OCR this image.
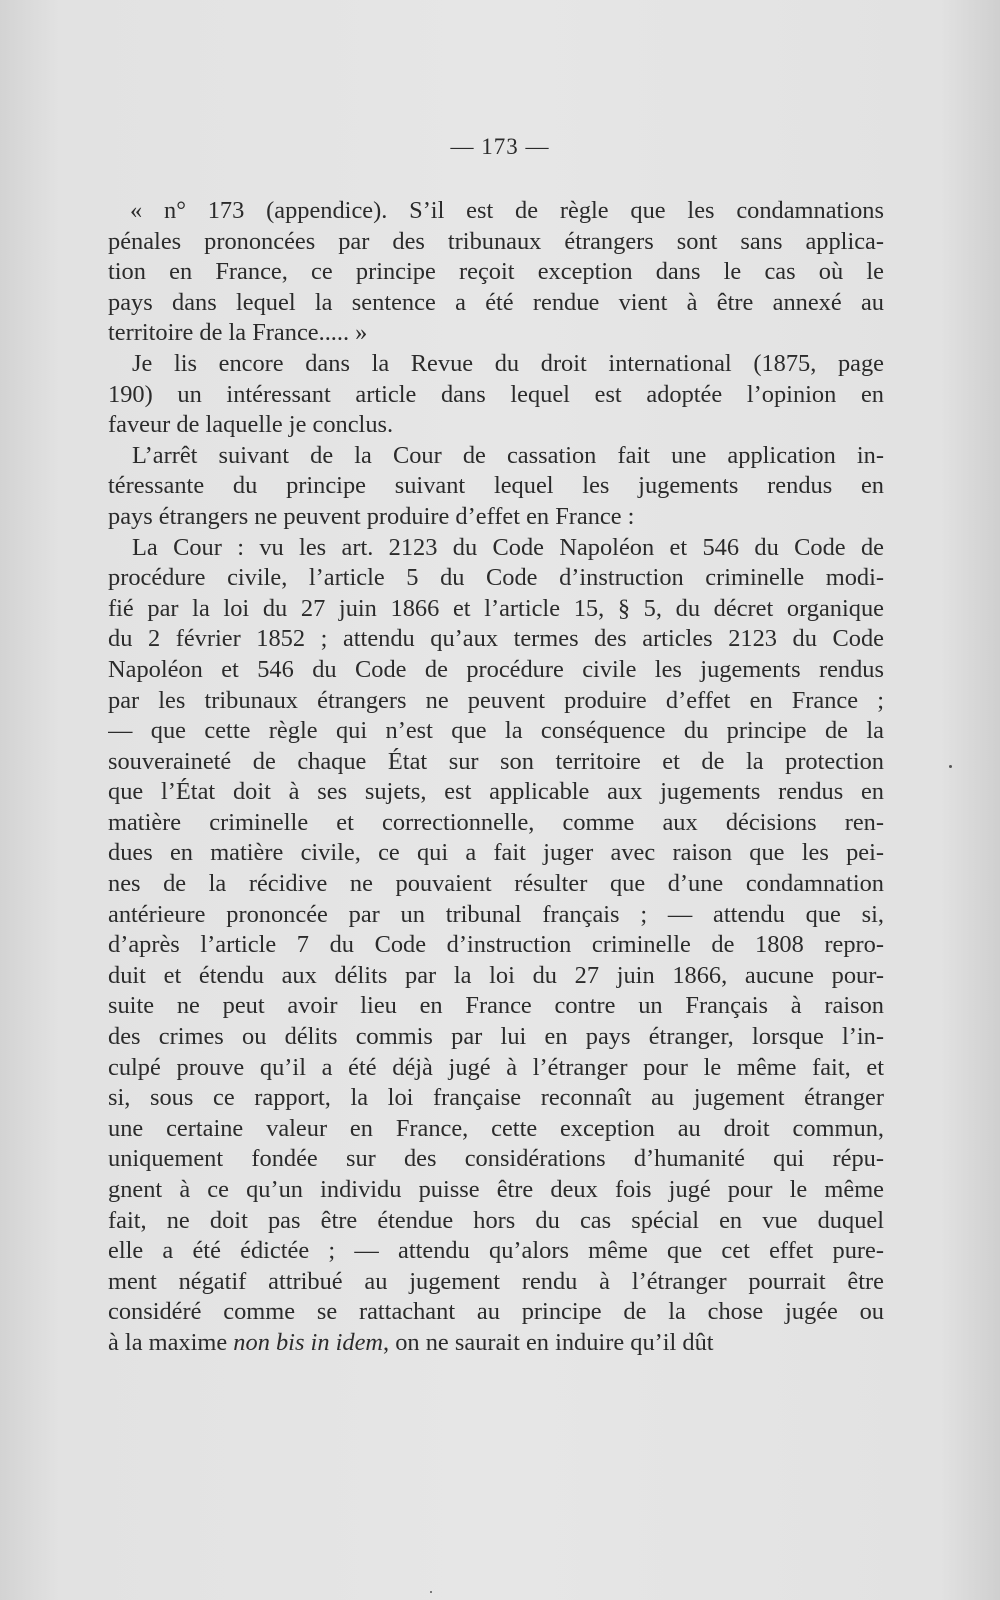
— 173 —
« n° 173 (appendice). S’il est de règle que les condamnations
pénales prononcées par des tribunaux étrangers sont sans applica-
tion en France, ce principe reçoit exception dans le cas où le
pays dans lequel la sentence a été rendue vient à être annexé au
territoire de la France..... »
Je lis encore dans la Revue du droit international (1875, page
190) un intéressant article dans lequel est adoptée l’opinion en
faveur de laquelle je conclus.
L’arrêt suivant de la Cour de cassation fait une application in-
téressante du principe suivant lequel les jugements rendus en
pays étrangers ne peuvent produire d’effet en France :
La Cour : vu les art. 2123 du Code Napoléon et 546 du Code de
procédure civile, l’article 5 du Code d’instruction criminelle modi-
fié par la loi du 27 juin 1866 et l’article 15, § 5, du décret organique
du 2 février 1852 ; attendu qu’aux termes des articles 2123 du Code
Napoléon et 546 du Code de procédure civile les jugements rendus
par les tribunaux étrangers ne peuvent produire d’effet en France ;
— que cette règle qui n’est que la conséquence du principe de la
souveraineté de chaque État sur son territoire et de la protection
que l’État doit à ses sujets, est applicable aux jugements rendus en
matière criminelle et correctionnelle, comme aux décisions ren-
dues en matière civile, ce qui a fait juger avec raison que les pei-
nes de la récidive ne pouvaient résulter que d’une condamnation
antérieure prononcée par un tribunal français ; — attendu que si,
d’après l’article 7 du Code d’instruction criminelle de 1808 repro-
duit et étendu aux délits par la loi du 27 juin 1866, aucune pour-
suite ne peut avoir lieu en France contre un Français à raison
des crimes ou délits commis par lui en pays étranger, lorsque l’in-
culpé prouve qu’il a été déjà jugé à l’étranger pour le même fait, et
si, sous ce rapport, la loi française reconnaît au jugement étranger
une certaine valeur en France, cette exception au droit commun,
uniquement fondée sur des considérations d’humanité qui répu-
gnent à ce qu’un individu puisse être deux fois jugé pour le même
fait, ne doit pas être étendue hors du cas spécial en vue duquel
elle a été édictée ; — attendu qu’alors même que cet effet pure-
ment négatif attribué au jugement rendu à l’étranger pourrait être
considéré comme se rattachant au principe de la chose jugée ou
à la maxime non bis in idem, on ne saurait en induire qu’il dût
